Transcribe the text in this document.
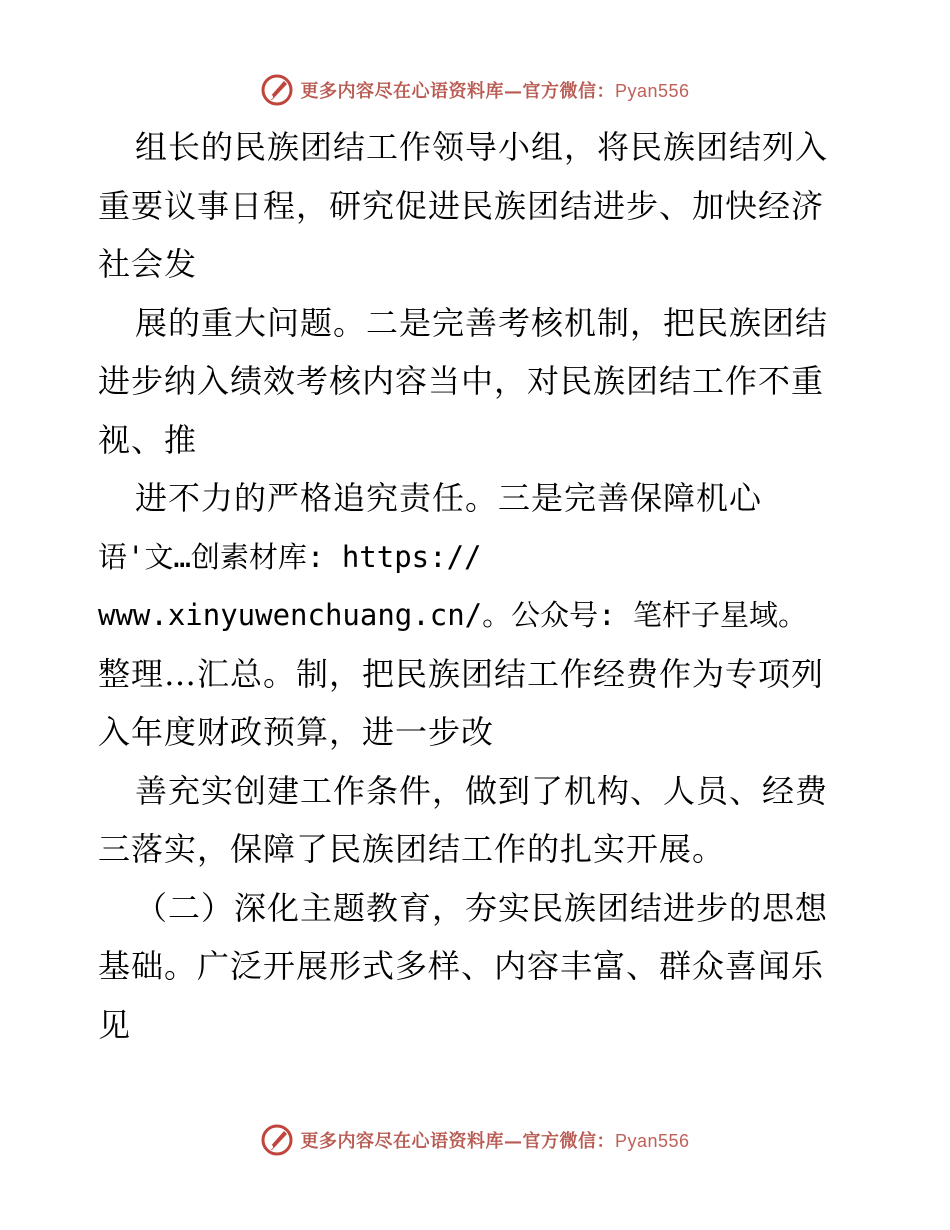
更多内容尽在心语资料库—官方微信：Pyan556
组长的民族团结工作领导小组，将民族团结列入
重要议事日程，研究促进民族团结进步、加快经济
社会发
展的重大问题。二是完善考核机制，把民族团结
进步纳入绩效考核内容当中，对民族团结工作不重
视、推
进不力的严格追究责任。三是完善保障机心
语'文…创素材库: https://
www.xinyuwenchuang.cn/。公众号: 笔杆子星域。
整理…汇总。制，把民族团结工作经费作为专项列
入年度财政预算，进一步改
善充实创建工作条件，做到了机构、人员、经费
三落实，保障了民族团结工作的扎实开展。
（二）深化主题教育，夯实民族团结进步的思想
基础。广泛开展形式多样、内容丰富、群众喜闻乐
见
更多内容尽在心语资料库—官方微信：Pyan556
